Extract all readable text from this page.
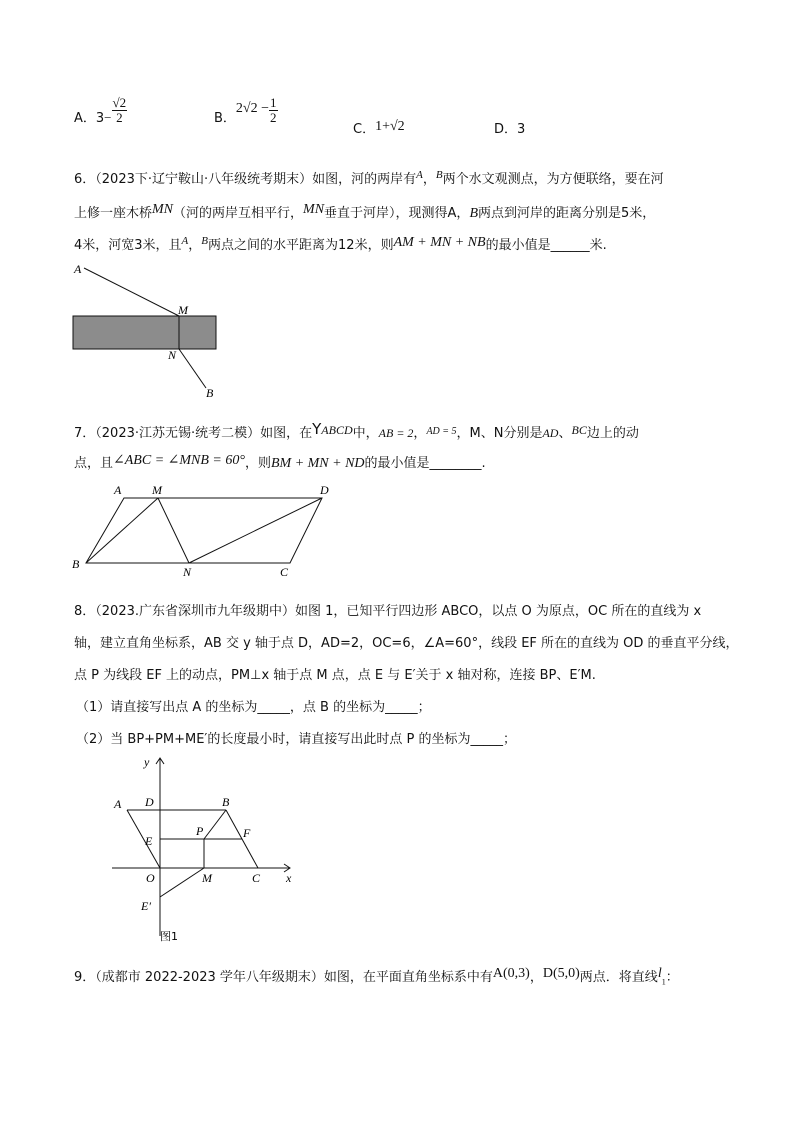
A．$3- \frac{√2}{2}$	B．$2√2 - \frac{1}{2}$
C．1+√2	D．3
6．（2023下·辽宁鞍山·八年级统考期末）如图，河的两岸有$^A$，$^B$两个水文观测点，为方便联络，要在河
上修一座木桥MN（河的两岸互相平行，MN垂直于河岸），现测得A，B两点到河岸的距离分别是5米，
4米，河宽3米，且$^A$，$^B$两点之间的水平距离为12米，则AM + MN + NB的最小值是______米.
A
M
N
B
7．（2023·江苏无锡·统考二模）如图，在YABCD中，AB = 2，$^{AD = 5}$，M、N分别是AD、BC边上的动
点，且∠ABC = ∠MNB = 60°，则BM + MN + ND的最小值是________.
A	M	D
B
N	C
8．（2023.广东省深圳市九年级期中）如图 1，已知平行四边形 ABCO，以点 O 为原点，OC 所在的直线为 x
轴，建立直角坐标系，AB 交 y 轴于点 D，AD=2，OC=6，∠A=60°，线段 EF 所在的直线为 OD 的垂直平分线，
点 P 为线段 EF 上的动点，PM⊥x 轴于点 M 点，点 E 与 E′关于 x 轴对称，连接 BP、E′M.
（1）请直接写出点 A 的坐标为_____，点 B 的坐标为_____；
（2）当 BP+PM+ME′的长度最小时，请直接写出此时点 P 的坐标为_____；
y
x
A D	B
P	F
E
O	M	C
E′
图1
9．（成都市 2022-2023 学年八年级期末）如图，在平面直角坐标系中有A(0,3)，D(5,0)两点．将直线$l_1$：
